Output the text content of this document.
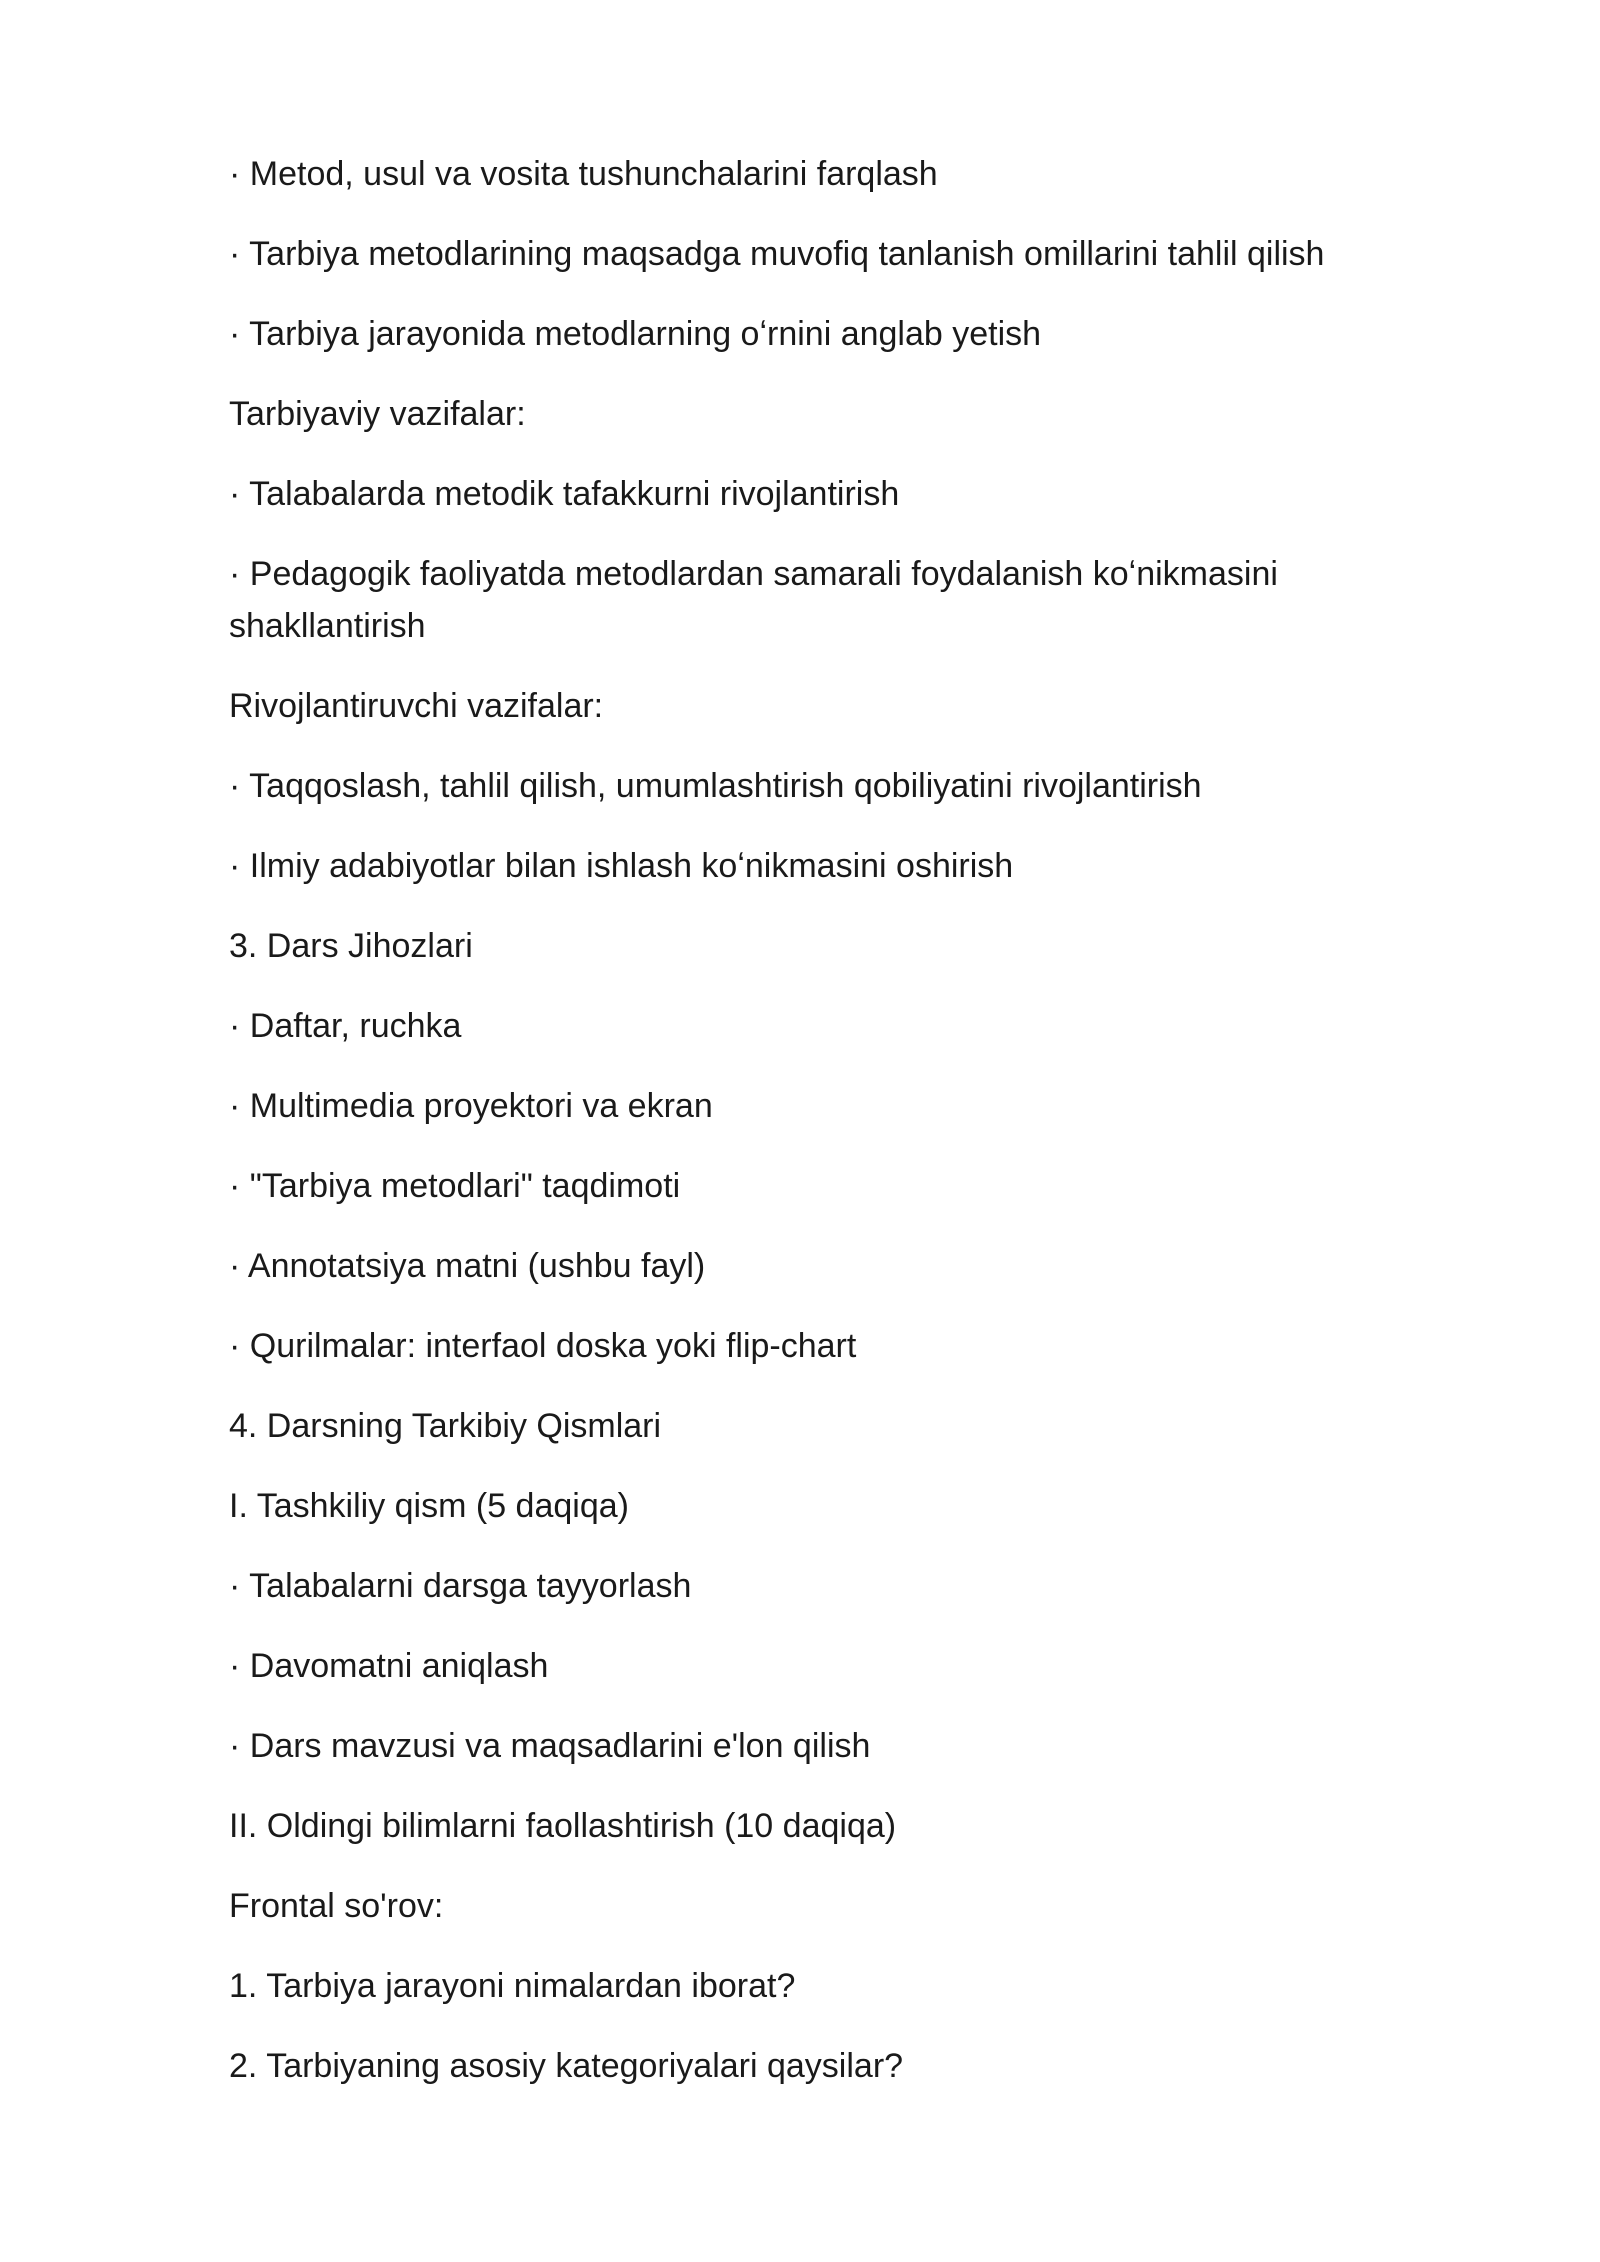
· Metod, usul va vosita tushunchalarini farqlash

· Tarbiya metodlarining maqsadga muvofiq tanlanish omillarini tahlil qilish

· Tarbiya jarayonida metodlarning oʻrnini anglab yetish

Tarbiyaviy vazifalar:

· Talabalarda metodik tafakkurni rivojlantirish

· Pedagogik faoliyatda metodlardan samarali foydalanish koʻnikmasini shakllantirish

Rivojlantiruvchi vazifalar:

· Taqqoslash, tahlil qilish, umumlashtirish qobiliyatini rivojlantirish

· Ilmiy adabiyotlar bilan ishlash koʻnikmasini oshirish

3. Dars Jihozlari

· Daftar, ruchka

· Multimedia proyektori va ekran

· "Tarbiya metodlari" taqdimoti

· Annotatsiya matni (ushbu fayl)

· Qurilmalar: interfaol doska yoki flip-chart

4. Darsning Tarkibiy Qismlari

I. Tashkiliy qism (5 daqiqa)

· Talabalarni darsga tayyorlash

· Davomatni aniqlash

· Dars mavzusi va maqsadlarini e'lon qilish

II. Oldingi bilimlarni faollashtirish (10 daqiqa)

Frontal so'rov:

1. Tarbiya jarayoni nimalardan iborat?

2. Tarbiyaning asosiy kategoriyalari qaysilar?
